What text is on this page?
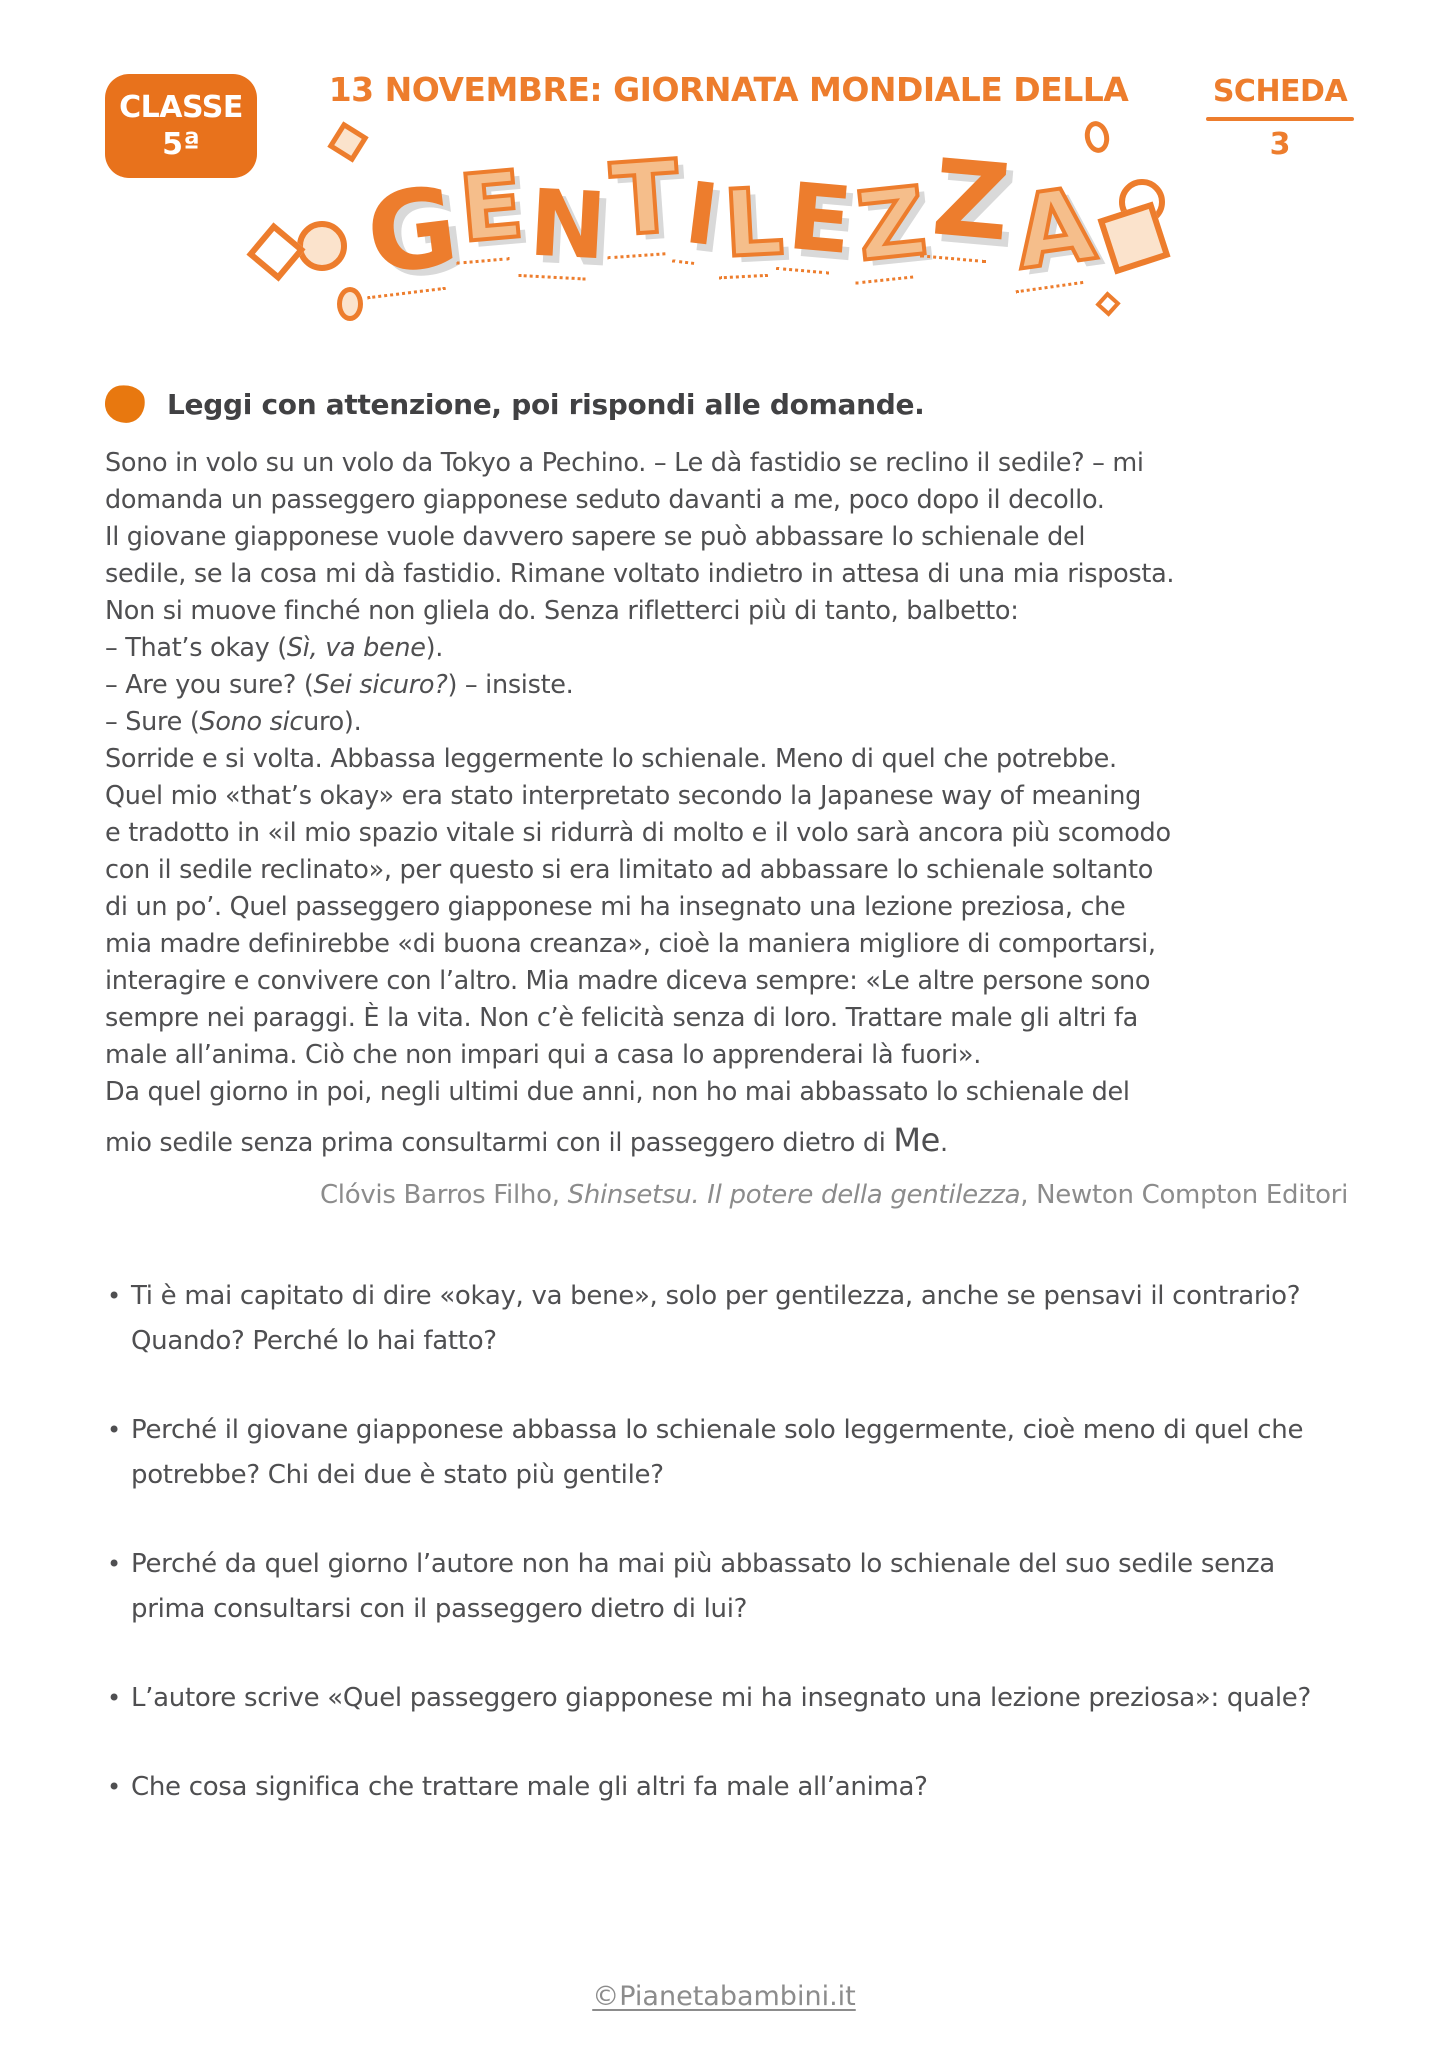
CLASSE
5ª
13 NOVEMBRE: GIORNATA MONDIALE DELLA
G
E N
T
I
L
E
Z
Z
A
SCHEDA
3
Leggi con attenzione, poi rispondi alle domande.
Sono in volo su un volo da Tokyo a Pechino. – Le dà fastidio se reclino il sedile? – mi
domanda un passeggero giapponese seduto davanti a me, poco dopo il decollo.
Il giovane giapponese vuole davvero sapere se può abbassare lo schienale del
sedile, se la cosa mi dà fastidio. Rimane voltato indietro in attesa di una mia risposta.
Non si muove finché non gliela do. Senza rifletterci più di tanto, balbetto:
– That’s okay (Sì, va bene).
– Are you sure? (Sei sicuro?) – insiste.
– Sure (Sono sicuro).
Sorride e si volta. Abbassa leggermente lo schienale. Meno di quel che potrebbe.
Quel mio «that’s okay» era stato interpretato secondo la Japanese way of meaning
e tradotto in «il mio spazio vitale si ridurrà di molto e il volo sarà ancora più scomodo
con il sedile reclinato», per questo si era limitato ad abbassare lo schienale soltanto
di un po’. Quel passeggero giapponese mi ha insegnato una lezione preziosa, che
mia madre definirebbe «di buona creanza», cioè la maniera migliore di comportarsi,
interagire e convivere con l’altro. Mia madre diceva sempre: «Le altre persone sono
sempre nei paraggi. È la vita. Non c’è felicità senza di loro. Trattare male gli altri fa
male all’anima. Ciò che non impari qui a casa lo apprenderai là fuori».
Da quel giorno in poi, negli ultimi due anni, non ho mai abbassato lo schienale del
mio sedile senza prima consultarmi con il passeggero dietro di Me.
Clóvis Barros Filho, Shinsetsu. Il potere della gentilezza, Newton Compton Editori
• Ti è mai capitato di dire «okay, va bene», solo per gentilezza, anche se pensavi il contrario? Quando? Perché lo hai fatto?
• Perché il giovane giapponese abbassa lo schienale solo leggermente, cioè meno di quel che potrebbe? Chi dei due è stato più gentile?
• Perché da quel giorno l’autore non ha mai più abbassato lo schienale del suo sedile senza prima consultarsi con il passeggero dietro di lui?
• L’autore scrive «Quel passeggero giapponese mi ha insegnato una lezione preziosa»: quale?
• Che cosa significa che trattare male gli altri fa male all’anima?
©Pianetabambini.it
